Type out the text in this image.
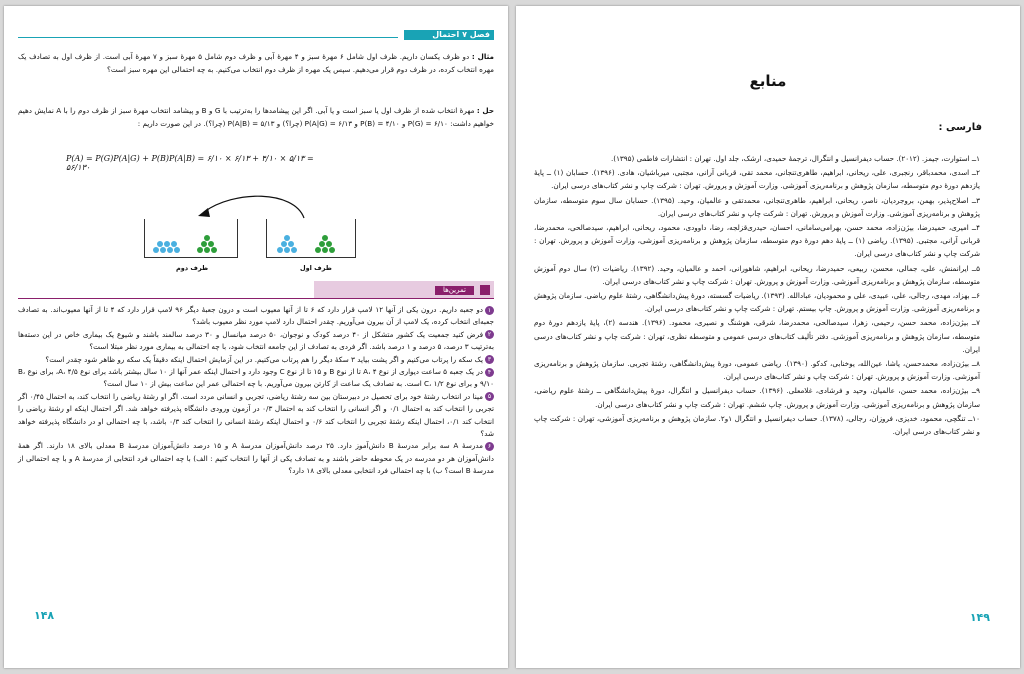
فصل ۷ احتمال
مثال : دو ظرف یکسان داریم. ظرف اول شامل ۶ مهرهٔ سبز و ۴ مهرهٔ آبی و ظرف دوم شامل ۵ مهرهٔ سبز و ۷ مهرهٔ آبی است. از ظرف اول به تصادف یک مهره انتخاب کرده، در ظرف دوم قرار می‌دهیم. سپس یک مهره از ظرف دوم انتخاب می‌کنیم. به چه احتمالی این مهره سبز است؟
حل : مهرهٔ انتخاب شده از ظرف اول یا سبز است و یا آبی. اگر این پیشامدها را به‌ترتیب با G و B و پیشامد انتخاب مهرهٔ سبز از ظرف دوم را با A نمایش دهیم خواهیم داشت: ۶/۱۰ = P(G) و ۴/۱۰ = P(B) و ۶/۱۳ = P(A|G) (چرا؟) و ۵/۱۳ = P(A|B) (چرا؟). در این صورت داریم :
P(A) = P(G)P(A|G) + P(B)P(A|B) = ۶/۱۰ × ۶/۱۳ + ۴/۱۰ × ۵/۱۳ = ۵۶/۱۳۰
ظرف اول
ظرف دوم
تمرین‌ها
۱دو جعبه داریم. درون یکی از آنها ۱۲ لامپ قرار دارد که ۶ تا از آنها معیوب است و درون جعبهٔ دیگر ۹۶ لامپ قرار دارد که ۴ تا از آنها معیوب‌اند. به تصادف جعبه‌ای انتخاب کرده، یک لامپ از آن بیرون می‌آوریم. چقدر احتمال دارد لامپ مورد نظر معیوب باشد؟
۲فرض کنید جمعیت یک کشور متشکل از ۴۰ درصد کودک و نوجوان، ۵۰ درصد میانسال و ۳۰ درصد سالمند باشند و شیوع یک بیماری خاص در این دسته‌ها به‌ترتیب ۳ درصد، ۵ درصد و ۱ درصد باشد. اگر فردی به تصادف از این جامعه انتخاب شود، با چه احتمالی به بیماری مورد نظر مبتلا است؟
۳یک سکه را پرتاب می‌کنیم و اگر پشت بیاید ۳ سکهٔ دیگر را هم پرتاب می‌کنیم. در این آزمایش احتمال اینکه دقیقاً یک سکه رو ظاهر شود چقدر است؟
۴در یک جعبه ۵ ساعت دیواری از نوع A، ۴ تا از نوع B و ۱۵ تا از نوع C وجود دارد و احتمال اینکه عمر آنها از ۱۰ سال بیشتر باشد برای نوع A، ۴/۵، برای نوع B، ۹/۱۰ و برای نوع C، ۱/۲ است. به تصادف یک ساعت از کارتن بیرون می‌آوریم. با چه احتمالی عمر این ساعت بیش از ۱۰ سال است؟
۵مینا در انتخاب رشتهٔ خود برای تحصیل در دبیرستان بین سه رشتهٔ ریاضی، تجربی و انسانی مردد است. اگر او رشتهٔ ریاضی را انتخاب کند، به احتمال ۰/۴۵ اگر تجربی را انتخاب کند به احتمال ۰/۱ و اگر انسانی را انتخاب کند به احتمال ۰/۳ در آزمون ورودی دانشگاه پذیرفته خواهد شد. اگر احتمال اینکه او رشتهٔ ریاضی را انتخاب کند ۰/۱، احتمال اینکه رشتهٔ تجربی را انتخاب کند ۰/۶ و احتمال اینکه رشتهٔ انسانی را انتخاب کند ۰/۳ باشد، با چه احتمالی او در دانشگاه پذیرفته خواهد شد؟
۶مدرسهٔ A سه برابر مدرسهٔ B دانش‌آموز دارد. ۲۵ درصد دانش‌آموزان مدرسهٔ A و ۱۵ درصد دانش‌آموزان مدرسهٔ B معدلی بالای ۱۸ دارند. اگر همهٔ دانش‌آموزان هر دو مدرسه در یک محوطه حاضر باشند و به تصادف یکی از آنها را انتخاب کنیم : الف) با چه احتمالی فرد انتخابی از مدرسهٔ A و با چه احتمالی از مدرسهٔ B است؟ ب) با چه احتمالی فرد انتخابی معدلی بالای ۱۸ دارد؟
۱۴۸
منابع
فارسی :

۱ــ استوارت، جیمز. (۲۰۱۲). حساب دیفرانسیل و انتگرال، ترجمهٔ حمیدی، ارشک، جلد اول. تهران : انتشارات فاطمی (۱۳۹۵).

۲ــ اسدی، محمدباقر، رنجبری، علی، ریحانی، ابراهیم، طاهری‌تنجانی، محمد تقی، قربانی آرانی، مجتبی، میرباشیان، هادی. (۱۳۹۶). حسابان (۱) ــ پایهٔ یازدهم دورهٔ دوم متوسطه، سازمان پژوهش و برنامه‌ریزی آموزشی. وزارت آموزش و پرورش. تهران : شرکت چاپ و نشر کتاب‌های درسی ایران.

۳ــ اصلاح‌پذیر، بهمن، بروجردیان، ناصر، ریحانی، ابراهیم، طاهری‌تنجانی، محمدتقی و عالمیان، وحید. (۱۳۹۵). حسابان سال سوم متوسطه، سازمان پژوهش و برنامه‌ریزی آموزشی. وزارت آموزش و پرورش. تهران : شرکت چاپ و نشر کتاب‌های درسی ایران.

۴ــ امیری، حمیدرضا، بیژن‌زاده، محمد حسن، بهرامی‌سامانی، احسان، حیدری‌قزلجه، رضا، داوودی، محمود، ریحانی، ابراهیم، سیدصالحی، محمدرضا، قربانی آرانی، مجتبی. (۱۳۹۵). ریاضی (۱) ــ پایهٔ دهم دورهٔ دوم متوسطه، سازمان پژوهش و برنامه‌ریزی آموزشی، وزارت آموزش و پرورش. تهران : شرکت چاپ و نشر کتاب‌های درسی ایران.

۵ــ ایرانمنش، علی، جمالی، محسن، ربیعی، حمیدرضا، ریحانی، ابراهیم، شاهورانی، احمد و عالمیان، وحید. (۱۳۹۲). ریاضیات (۲) سال دوم آموزش متوسطه، سازمان پژوهش و برنامه‌ریزی آموزشی. وزارت آموزش و پرورش. تهران : شرکت چاپ و نشر کتاب‌های درسی ایران.

۶ــ بهزاد، مهدی، رجالی، علی، عبیدی، علی و محمودیان، عبادالله. (۱۳۹۳). ریاضیات گسسته، دورهٔ پیش‌دانشگاهی، رشتهٔ علوم ریاضی. سازمان پژوهش و برنامه‌ریزی آموزشی. وزارت آموزش و پرورش. چاپ بیستم. تهران : شرکت چاپ و نشر کتاب‌های درسی ایران.

۷ــ بیژن‌زاده، محمد حسن، رحیمی، زهرا، سیدصالحی، محمدرضا، شرقی، هوشنگ و نصیری، محمود. (۱۳۹۶). هندسه (۲)، پایهٔ یازدهم دورهٔ دوم متوسطه، سازمان پژوهش و برنامه‌ریزی آموزشی. دفتر تألیف کتاب‌های درسی عمومی و متوسطه نظری، تهران : شرکت چاپ و نشر کتاب‌های درسی ایران.

۸ــ بیژن‌زاده، محمدحسن، یاشا، عین‌الله، یوخنابی، کدکو. (۱۳۹۰). ریاضی عمومی، دورهٔ پیش‌دانشگاهی، رشتهٔ تجربی. سازمان پژوهش و برنامه‌ریزی آموزشی. وزارت آموزش و پرورش. تهران : شرکت چاپ و نشر کتاب‌های درسی ایران.

۹ــ بیژن‌زاده، محمد حسن، عالمیان، وحید و فرشادی، غلامعلی. (۱۳۹۶). حساب دیفرانسیل و انتگرال، دورهٔ پیش‌دانشگاهی ــ رشتهٔ علوم ریاضی، سازمان پژوهش و برنامه‌ریزی آموزشی. وزارت آموزش و پرورش. چاپ ششم. تهران : شرکت چاپ و نشر کتاب‌های درسی ایران.

۱۰ــ تنگچی، محمود، خدیزی، فروزان، رجالی، (۱۳۷۸). حساب دیفرانسیل و انتگرال ۱و۲. سازمان پژوهش و برنامه‌ریزی آموزشی، تهران : شرکت چاپ و نشر کتاب‌های درسی ایران.

۱۴۹
